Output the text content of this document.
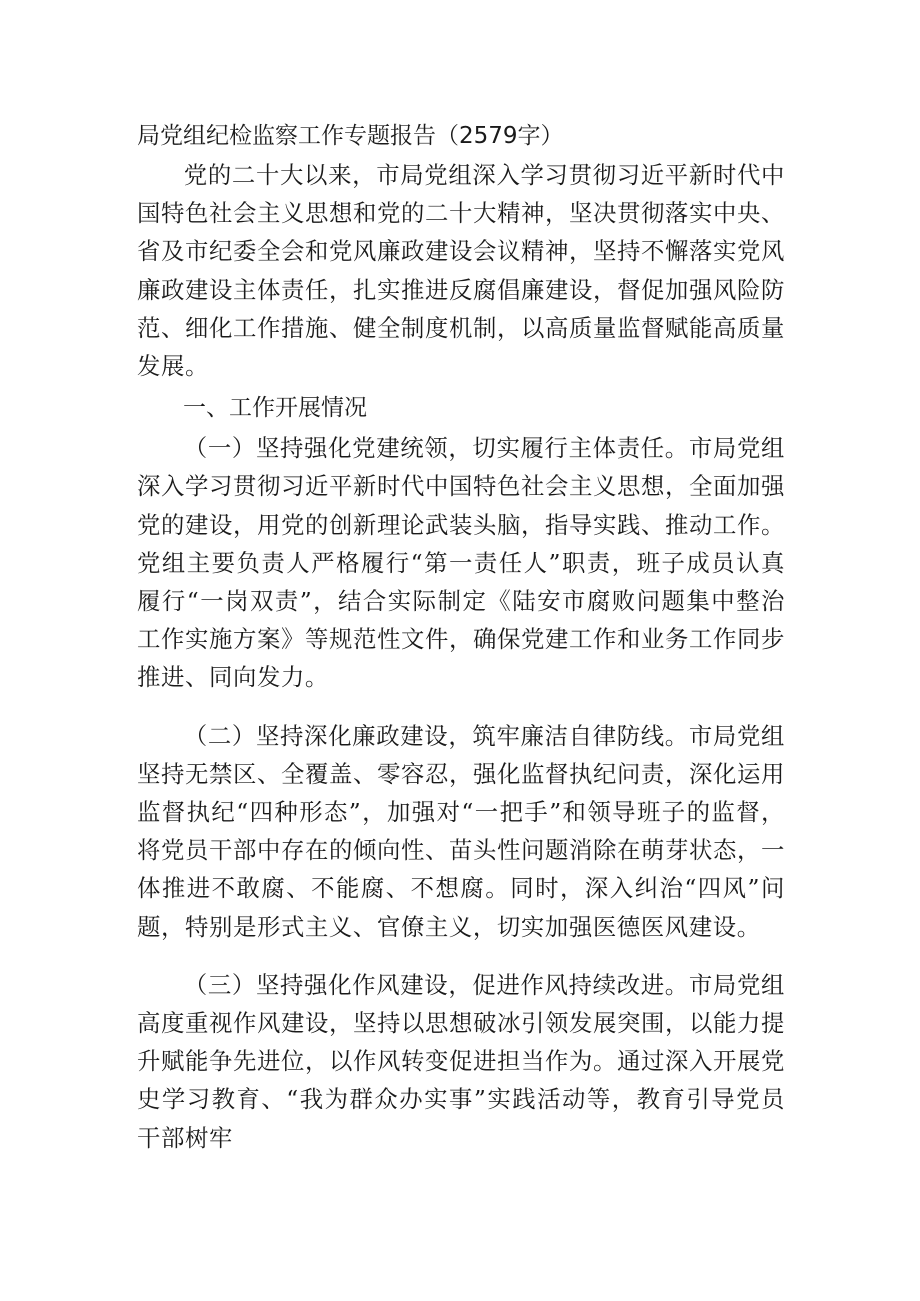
局党组纪检监察工作专题报告（2579字）

党的二十大以来，市局党组深入学习贯彻习近平新时代中国特色社会主义思想和党的二十大精神，坚决贯彻落实中央、省及市纪委全会和党风廉政建设会议精神，坚持不懈落实党风廉政建设主体责任，扎实推进反腐倡廉建设，督促加强风险防范、细化工作措施、健全制度机制，以高质量监督赋能高质量发展。

一、工作开展情况

（一）坚持强化党建统领，切实履行主体责任。市局党组深入学习贯彻习近平新时代中国特色社会主义思想，全面加强党的建设，用党的创新理论武装头脑，指导实践、推动工作。党组主要负责人严格履行“第一责任人”职责，班子成员认真履行“一岗双责”，结合实际制定《陆安市腐败问题集中整治工作实施方案》等规范性文件，确保党建工作和业务工作同步推进、同向发力。

（二）坚持深化廉政建设，筑牢廉洁自律防线。市局党组坚持无禁区、全覆盖、零容忍，强化监督执纪问责，深化运用监督执纪“四种形态”，加强对“一把手”和领导班子的监督，将党员干部中存在的倾向性、苗头性问题消除在萌芽状态，一体推进不敢腐、不能腐、不想腐。同时，深入纠治“四风”问题，特别是形式主义、官僚主义，切实加强医德医风建设。

（三）坚持强化作风建设，促进作风持续改进。市局党组高度重视作风建设，坚持以思想破冰引领发展突围，以能力提升赋能争先进位，以作风转变促进担当作为。通过深入开展党史学习教育、“我为群众办实事”实践活动等，教育引导党员干部树牢
